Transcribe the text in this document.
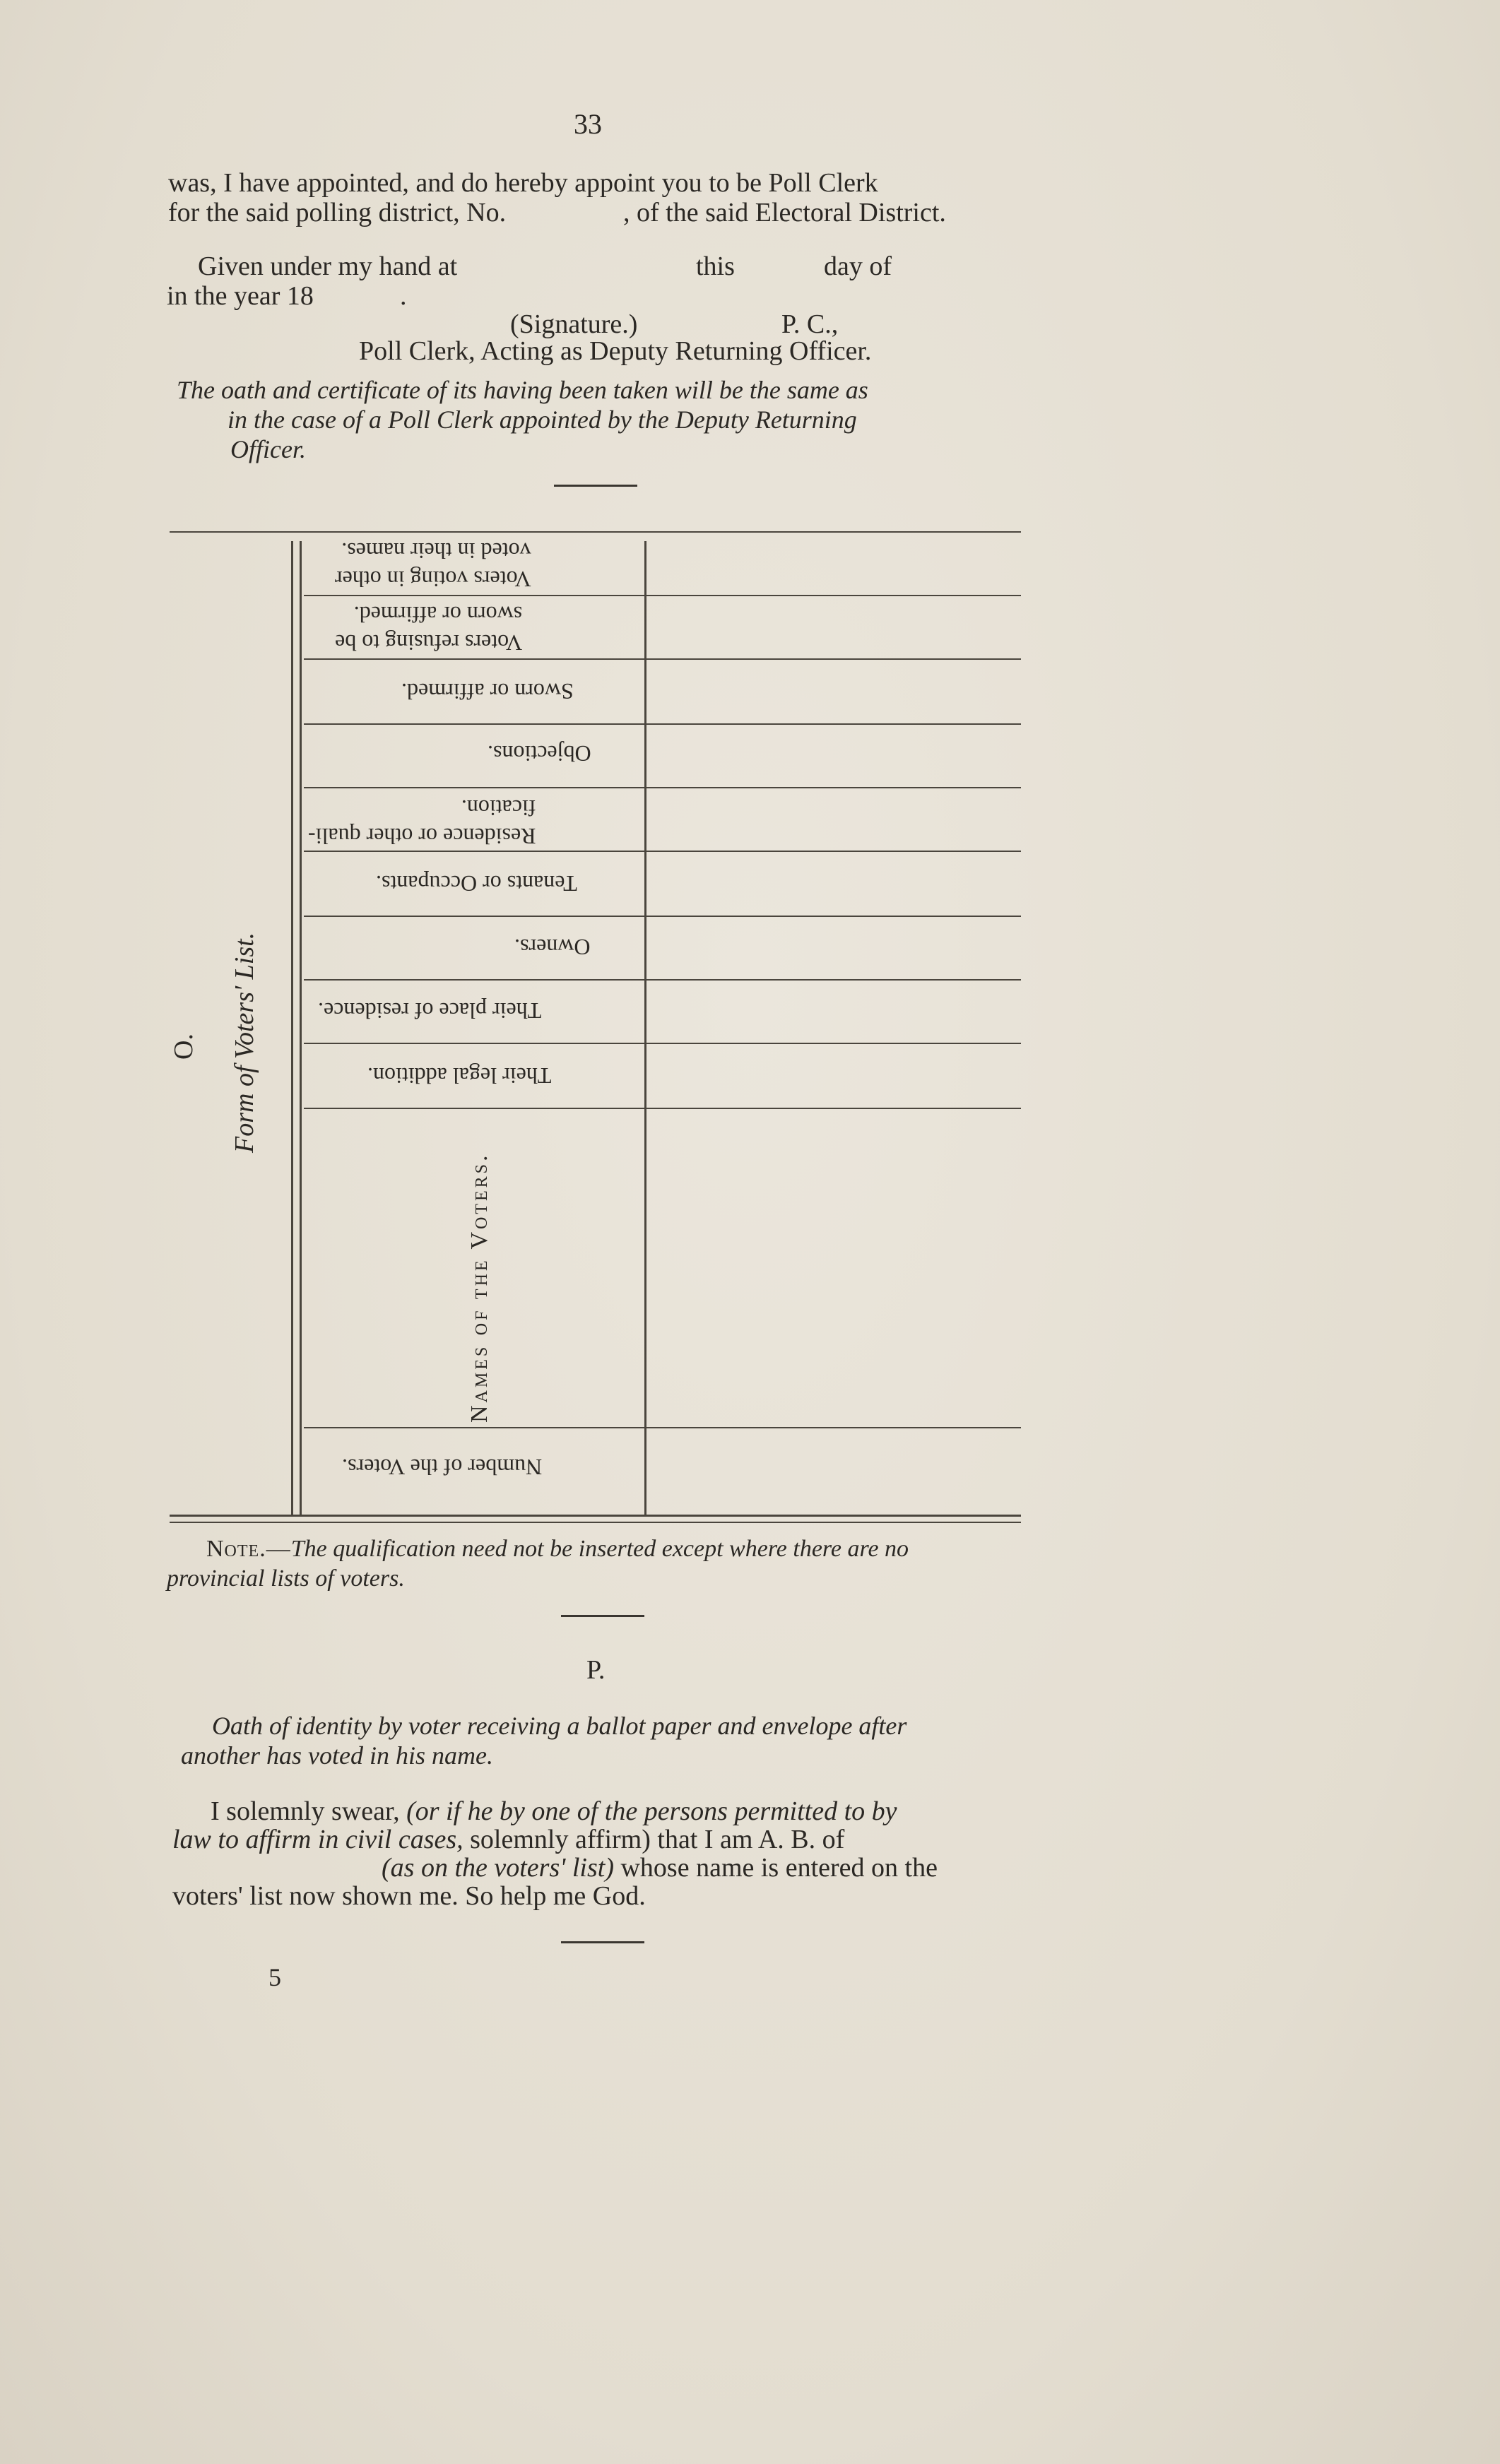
33
was, I have appointed, and do hereby appoint you to be Poll Clerk
for the said polling district, No.	, of the said Electoral District.
Given under my hand at	this	day of
in the year 18	.
(Signature.)	P. C.,
Poll Clerk, Acting as Deputy Returning Officer.
The oath and certificate of its having been taken will be the same as
in the case of a Poll Clerk appointed by the Deputy Returning
Officer.
Voters voting in other
voted in their names.
Voters refusing to be
sworn or affirmed.
Sworn or affirmed.
Objections.
Residence or other quali-
fication.
Tenants or Occupants.
Owners.
Their place of residence.
Their legal addition.
Number of the Voters.
Names of the Voters.
Form of Voters' List.
O.
Note.—The qualification need not be inserted except where there are no
provincial lists of voters.
P.
Oath of identity by voter receiving a ballot paper and envelope after
another has voted in his name.
I solemnly swear, (or if he by one of the persons permitted to by
law to affirm in civil cases, solemnly affirm) that I am A. B. of
(as on the voters' list) whose name is entered on the
voters' list now shown me. So help me God.
5
